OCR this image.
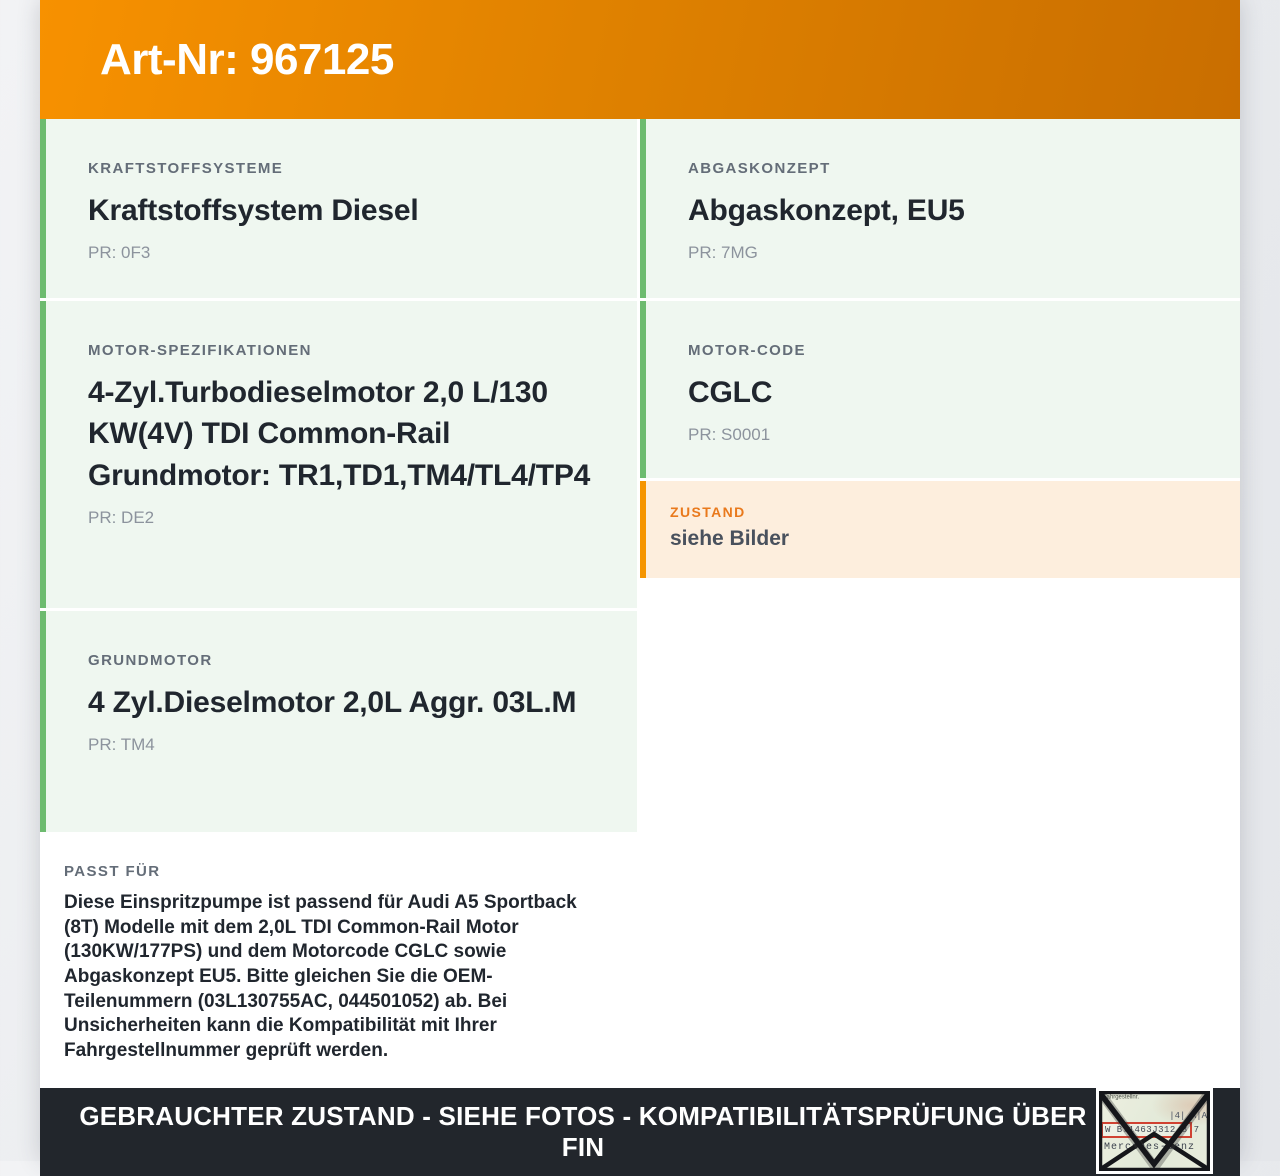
Art-Nr: 967125
KRAFTSTOFFSYSTEME
Kraftstoffsystem Diesel
PR: 0F3
MOTOR-SPEZIFIKATIONEN
4-Zyl.Turbodieselmotor 2,0 L/130 KW(4V) TDI Common-Rail Grundmotor: TR1,TD1,TM4/TL4/TP4
PR: DE2
GRUNDMOTOR
4 Zyl.Dieselmotor 2,0L Aggr. 03L.M
PR: TM4
PASST FÜR

Diese Einspritzpumpe ist passend für Audi A5 Sportback (8T) Modelle mit dem 2,0L TDI Common-Rail Motor (130KW/177PS) und dem Motorcode CGLC sowie Abgaskonzept EU5. Bitte gleichen Sie die OEM-Teilenummern (03L130755AC, 044501052) ab. Bei Unsicherheiten kann die Kompatibilität mit Ihrer Fahrgestellnummer geprüft werden.

ABGASKONZEPT
Abgaskonzept, EU5
PR: 7MG
MOTOR-CODE
CGLC
PR: S0001
ZUSTAND
siehe Bilder
GEBRAUCHTER ZUSTAND - SIEHE FOTOS - KOMPATIBILITÄTSPRÜFUNG ÜBER FIN
Fahrgestellnr.
|4| A|A
W B71463J312 8 7
Mercedes-Benz
